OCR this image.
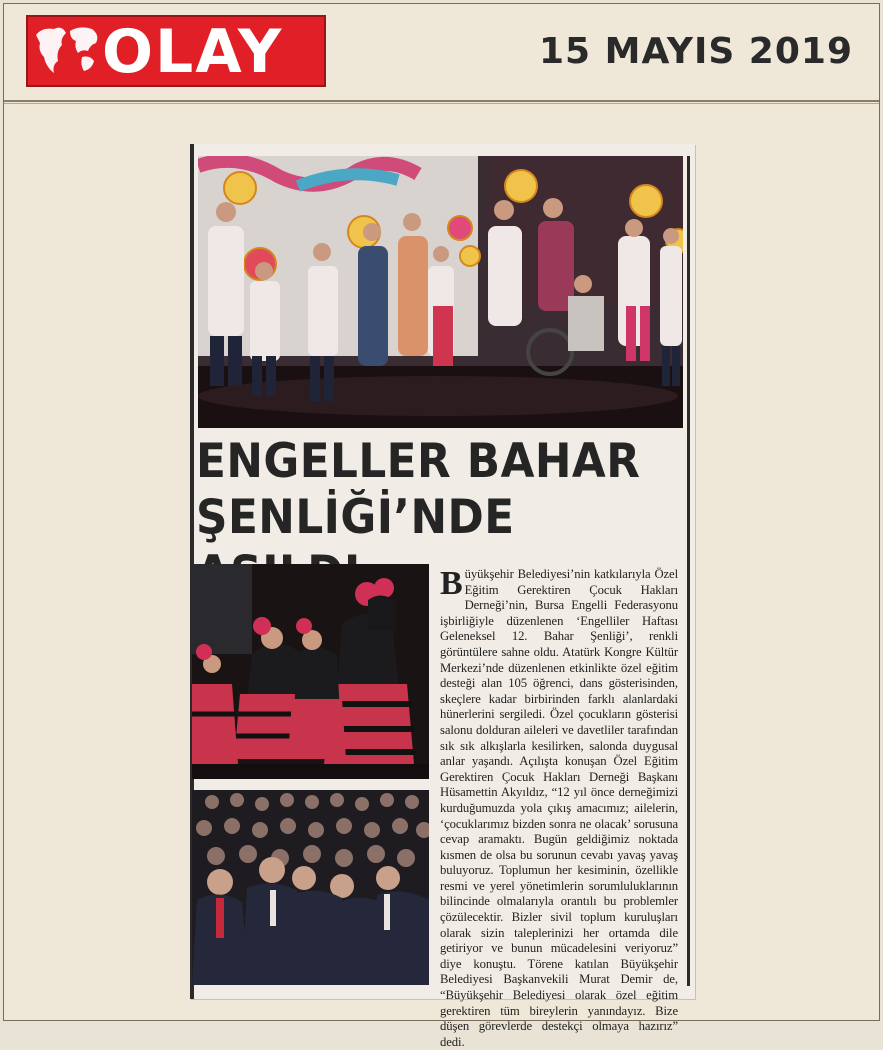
OLAY	15 MAYIS 2019
ENGELLER BAHAR
ŞENLİĞİ’NDE

Büyükşehir Belediyesi’nin katkılarıyla Özel Eğitim Gerektiren Çocuk Hakları Derneği’nin, Bursa Engelli Federasyonu işbirliğiyle düzenlenen ‘Engelliler Haftası Geleneksel 12. Bahar Şenliği’, renkli görüntülere sahne oldu. Atatürk Kongre Kültür Merkezi’nde düzenlenen etkinlikte özel eğitim desteği alan 105 öğrenci, dans gösterisinden, skeçlere kadar birbirinden farklı alanlardaki hünerlerini sergiledi. Özel çocukların gösterisi salonu dolduran aileleri ve davetliler tarafından sık sık alkışlarla kesilirken, salonda duygusal anlar yaşandı. Açılışta konuşan Özel Eğitim Gerektiren Çocuk Hakları Derneği Başkanı Hüsamettin Akyıldız, “12 yıl önce derneğimizi kurduğumuzda yola çıkış amacımız; ailelerin, ‘çocuklarımız bizden sonra ne olacak’ sorusuna cevap aramaktı. Bugün geldiğimiz noktada kısmen de olsa bu sorunun cevabı yavaş yavaş buluyoruz. Toplumun her kesiminin, özellikle resmi ve yerel yönetimlerin sorumluluklarının bilincinde olmalarıyla orantılı bu problemler çözülecektir. Bizler sivil toplum kuruluşları olarak sizin taleplerinizi her ortamda dile getiriyor ve bunun mücadelesini veriyoruz” diye konuştu. Törene katılan Büyükşehir Belediyesi Başkanvekili Murat Demir de, “Büyükşehir Belediyesi olarak özel eğitim gerektiren tüm bireylerin yanındayız. Bize düşen görevlerde destekçi olmaya hazırız” dedi.
